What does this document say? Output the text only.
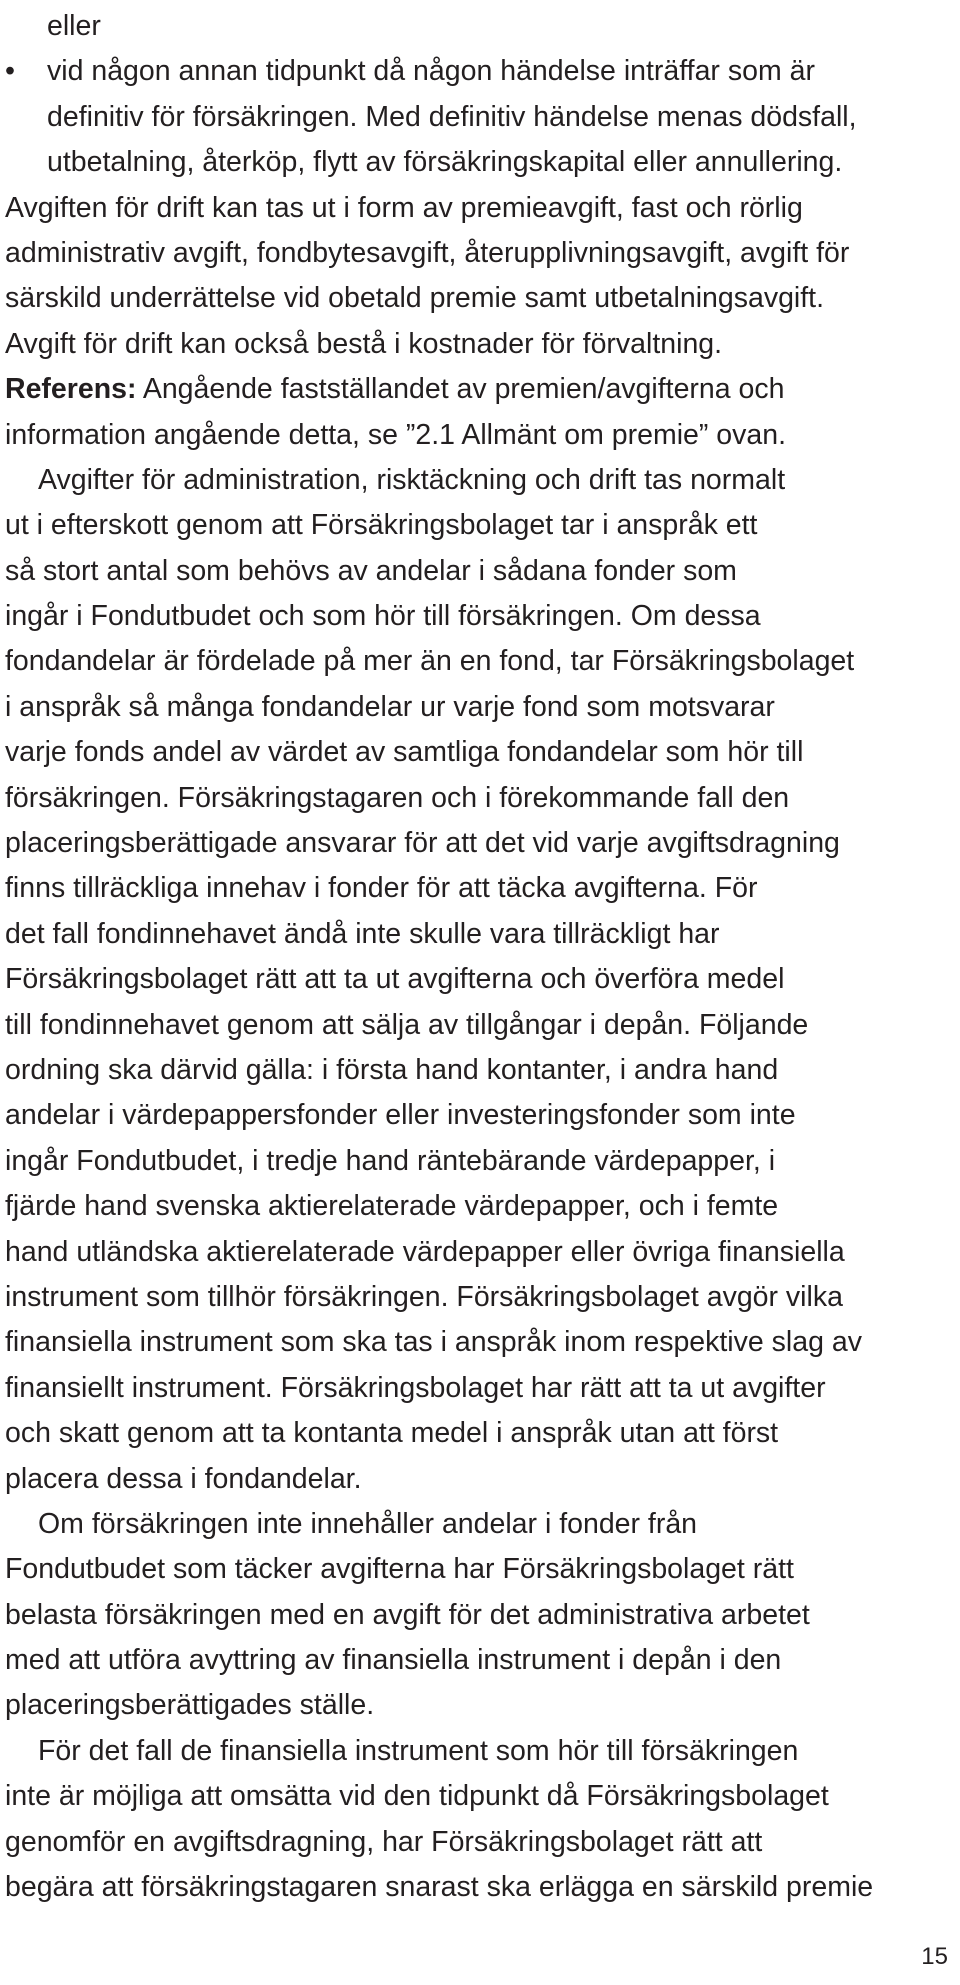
eller
•	vid någon annan tidpunkt då någon händelse inträffar som är
definitiv för försäkringen. Med definitiv händelse menas dödsfall,
utbetalning, återköp, flytt av försäkringskapital eller annullering.
Avgiften för drift kan tas ut i form av premieavgift, fast och rörlig
administrativ avgift, fondbytesavgift, återupplivningsavgift, avgift för
särskild underrättelse vid obetald premie samt utbetalningsavgift.
Avgift för drift kan också bestå i kostnader för förvaltning.
Referens: Angående fastställandet av premien/avgifterna och
information angående detta, se ”2.1 Allmänt om premie” ovan.
Avgifter för administration, risktäckning och drift tas normalt
ut i efterskott genom att Försäkringsbolaget tar i anspråk ett
så stort antal som behövs av andelar i sådana fonder som
ingår i Fondutbudet och som hör till försäkringen. Om dessa
fondandelar är fördelade på mer än en fond, tar Försäkringsbolaget
i anspråk så många fondandelar ur varje fond som motsvarar
varje fonds andel av värdet av samtliga fondandelar som hör till
försäkringen. Försäkringstagaren och i förekommande fall den
placeringsberättigade ansvarar för att det vid varje avgiftsdragning
finns tillräckliga innehav i fonder för att täcka avgifterna. För
det fall fondinnehavet ändå inte skulle vara tillräckligt har
Försäkringsbolaget rätt att ta ut avgifterna och överföra medel
till fondinnehavet genom att sälja av tillgångar i depån. Följande
ordning ska därvid gälla: i första hand kontanter, i andra hand
andelar i värdepappersfonder eller investeringsfonder som inte
ingår Fondutbudet, i tredje hand räntebärande värdepapper, i
fjärde hand svenska aktierelaterade värdepapper, och i femte
hand utländska aktierelaterade värdepapper eller övriga finansiella
instrument som tillhör försäkringen. Försäkringsbolaget avgör vilka
finansiella instrument som ska tas i anspråk inom respektive slag av
finansiellt instrument. Försäkringsbolaget har rätt att ta ut avgifter
och skatt genom att ta kontanta medel i anspråk utan att först
placera dessa i fondandelar.
Om försäkringen inte innehåller andelar i fonder från
Fondutbudet som täcker avgifterna har Försäkringsbolaget rätt
belasta försäkringen med en avgift för det administrativa arbetet
med att utföra avyttring av finansiella instrument i depån i den
placeringsberättigades ställe.
För det fall de finansiella instrument som hör till försäkringen
inte är möjliga att omsätta vid den tidpunkt då Försäkringsbolaget
genomför en avgiftsdragning, har Försäkringsbolaget rätt att
begära att försäkringstagaren snarast ska erlägga en särskild premie
15
